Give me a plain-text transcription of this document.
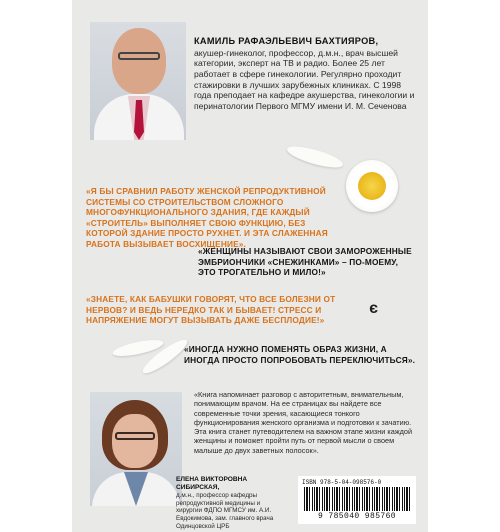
КАМИЛЬ РАФАЭЛЬЕВИЧ БАХТИЯРОВ,
акушер-гинеколог, профессор, д.м.н., врач высшей категории, эксперт на ТВ и радио. Более 25 лет работает в сфере гинекологии. Регулярно проходит стажировки в лучших зарубежных клиниках. С 1998 года преподает на кафедре акушерства, гинекологии и перинатологии Первого МГМУ имени И. М. Сеченова
«Я БЫ СРАВНИЛ РАБОТУ ЖЕНСКОЙ РЕПРОДУКТИВНОЙ СИСТЕМЫ СО СТРОИТЕЛЬСТВОМ СЛОЖНОГО МНОГОФУНКЦИОНАЛЬНОГО ЗДАНИЯ, ГДЕ КАЖДЫЙ «СТРОИТЕЛЬ» ВЫПОЛНЯЕТ СВОЮ ФУНКЦИЮ, БЕЗ КОТОРОЙ ЗДАНИЕ ПРОСТО РУХНЕТ. И ЭТА СЛАЖЕННАЯ РАБОТА ВЫЗЫВАЕТ ВОСХИЩЕНИЕ».
«ЖЕНЩИНЫ НАЗЫВАЮТ СВОИ ЗАМОРОЖЕННЫЕ ЭМБРИОНЧИКИ «СНЕЖИНКАМИ» – ПО-МОЕМУ, ЭТО ТРОГАТЕЛЬНО И МИЛО!»
«ЗНАЕТЕ, КАК БАБУШКИ ГОВОРЯТ, ЧТО ВСЕ БОЛЕЗНИ ОТ НЕРВОВ? И ВЕДЬ НЕРЕДКО ТАК И БЫВАЕТ! СТРЕСС И НАПРЯЖЕНИЕ МОГУТ ВЫЗЫВАТЬ ДАЖЕ БЕСПЛОДИЕ!»
э
«ИНОГДА НУЖНО ПОМЕНЯТЬ ОБРАЗ ЖИЗНИ, А ИНОГДА ПРОСТО ПОПРОБОВАТЬ ПЕРЕКЛЮЧИТЬСЯ».
«Книга напоминает разговор с авторитетным, внимательным, понимающим врачом. На ее страницах вы найдете все современные точки зрения, касающиеся тонкого функционирования женского организма и подготовки к зачатию. Эта книга станет путеводителем на важном этапе жизни каждой женщины и поможет пройти путь от первой мысли о своем малыше до двух заветных полосок».
ЕЛЕНА ВИКТОРОВНА СИБИРСКАЯ,
д.м.н., профессор кафедры репродуктивной медицины и хирургии ФДПО МГМСУ им. А.И. Евдокимова, зам. главного врача Одинцовской ЦРБ
ISBN 978-5-04-098576-0
9 785040 985760
